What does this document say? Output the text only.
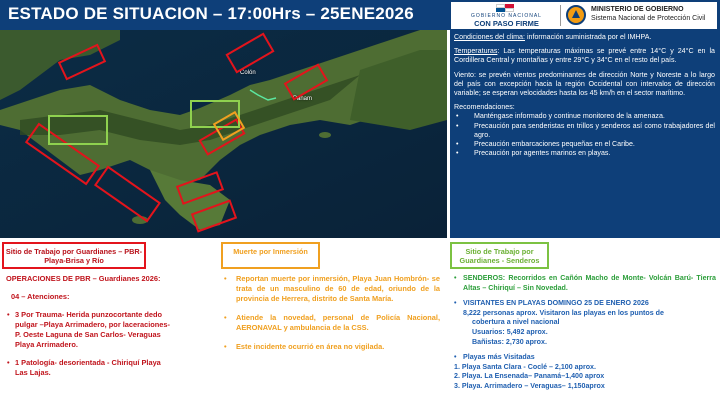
ESTADO DE SITUACION – 17:00Hrs – 25ENE2026	GOBIERNO NACIONAL
CON PASO FIRME
MINISTERIO DE GOBIERNO
Sistema Nacional de Protección Civil
Colón
Panam

Condiciones del clima: información suministrada por el IMHPA.

Temperaturas: Las temperaturas máximas se prevé entre 14°C y 24°C en la Cordillera Central y montañas y entre 29°C y 34°C en el resto del país.

Viento: se prevén vientos predominantes de dirección Norte y Noreste a lo largo del país con excepción hacia la región Occidental con intervalos de dirección variable; se esperan velocidades hasta los 45 km/h en el sector marítimo.

Recomendaciones:
• Manténgase informado y continue monitoreo de la amenaza.
• Precaución para senderistas en trillos y senderos así como trabajadores del agro.
• Precaución embarcaciones pequeñas en el Caribe.
• Precaución por agentes marinos en playas.
Sitio de Trabajo por Guardianes – PBR- Playa-Brisa y Río
OPERACIONES DE PBR – Guardianes 2026:
04 – Atenciones:
• 3 Por Trauma- Herida punzocortante dedo
pulgar –Playa Arrimadero, por laceraciones-
P. Oeste Laguna de San Carlos- Veraguas
Playa Arrimadero.
• 1 Patología- desorientada - Chiriquí Playa
Las Lajas.
Muerte por Inmersión
• Reportan muerte por inmersión, Playa Juan Hombrón- se trata de un masculino de 60 de edad, oriundo de la provincia de Herrera, distrito de Santa María.
• Atiende la novedad, personal de Policía Nacional, AERONAVAL y ambulancia de la CSS.
• Este incidente ocurrió en área no vigilada.
Sitio de Trabajo por Guardianes - Senderos
• SENDEROS: Recorridos en Cañón Macho de Monte- Volcán Barú- Tierra Altas – Chiriquí – Sin Novedad.
• VISITANTES EN PLAYAS DOMINGO 25 DE ENERO 2026
8,222 personas aprox. Visitaron las playas en los puntos de
cobertura a nivel nacional
Usuarios: 5,492 aprox.
Bañistas: 2,730 aprox.
• Playas más Visitadas
1. Playa Santa Clara - Coclé – 2,100 aprox.
2. Playa. La Ensenada– Panamá–1,400 aprox
3. Playa. Arrimadero – Veraguas– 1,150aprox
